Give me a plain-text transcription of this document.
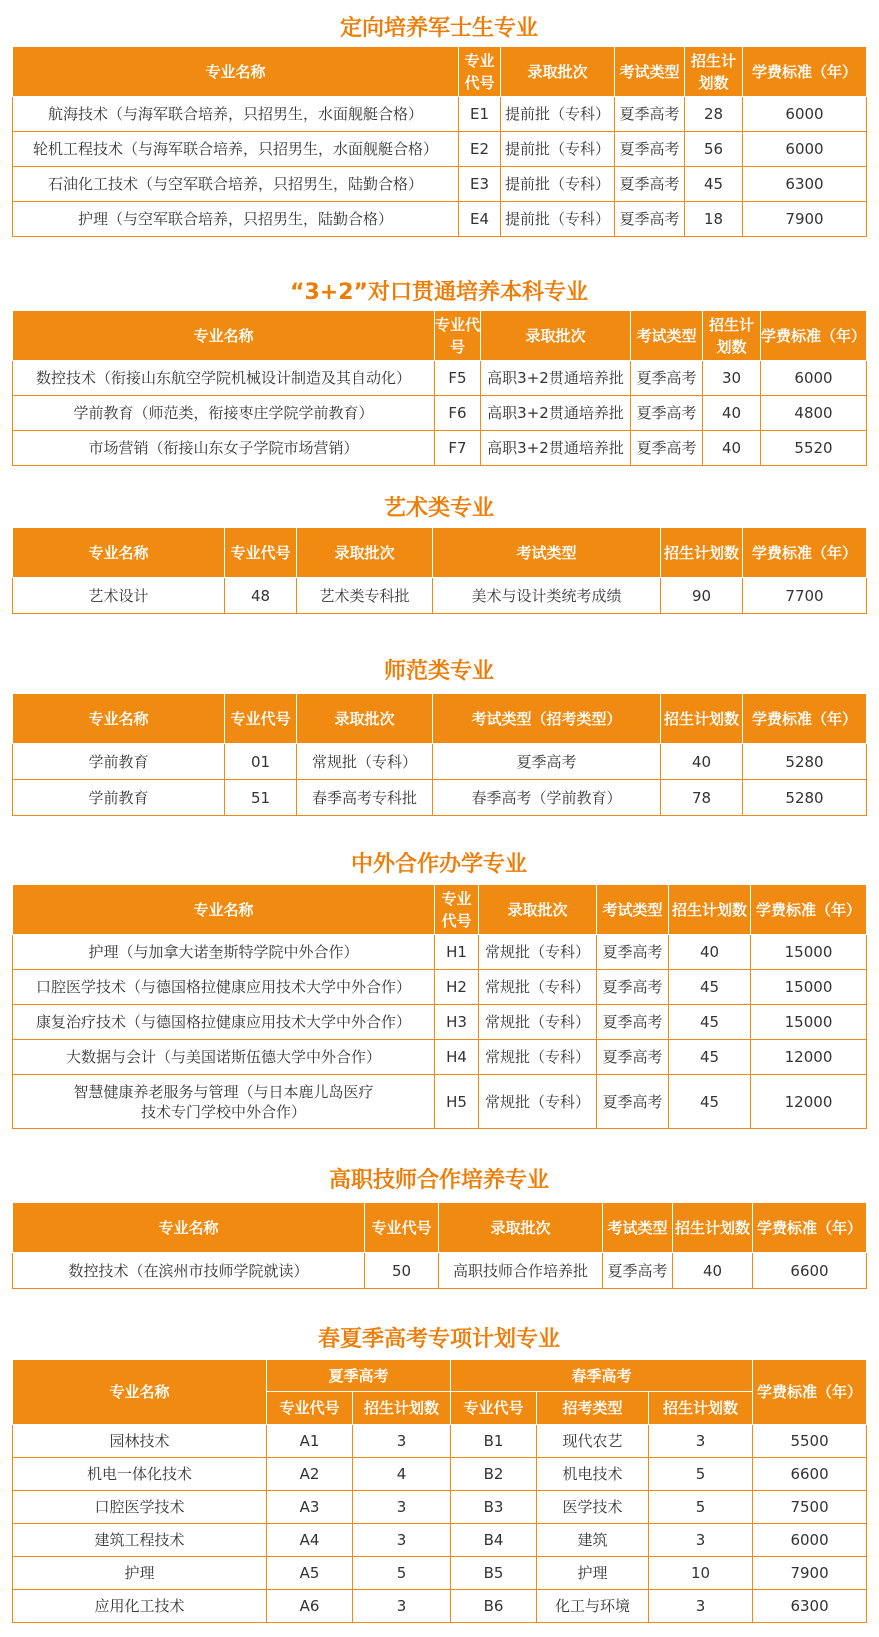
定向培养军士生专业
专业名称	专业代号	录取批次	考试类型	招生计划数	学费标准（年）
航海技术（与海军联合培养，只招男生，水面舰艇合格）	E1	提前批（专科）	夏季高考	28	6000
轮机工程技术（与海军联合培养，只招男生，水面舰艇合格）	E2	提前批（专科）	夏季高考	56	6000
石油化工技术（与空军联合培养，只招男生，陆勤合格）	E3	提前批（专科）	夏季高考	45	6300
护理（与空军联合培养，只招男生，陆勤合格）	E4	提前批（专科）	夏季高考	18	7900
“3+2”对口贯通培养本科专业
专业名称	专业代号	录取批次	考试类型	招生计划数	学费标准（年）
数控技术（衔接山东航空学院机械设计制造及其自动化）	F5	高职3+2贯通培养批	夏季高考	30	6000
学前教育（师范类，衔接枣庄学院学前教育）	F6	高职3+2贯通培养批	夏季高考	40	4800
市场营销（衔接山东女子学院市场营销）	F7	高职3+2贯通培养批	夏季高考	40	5520
艺术类专业
专业名称	专业代号	录取批次	考试类型	招生计划数	学费标准（年）
艺术设计	48	艺术类专科批	美术与设计类统考成绩	90	7700
师范类专业
专业名称	专业代号	录取批次	考试类型（招考类型）	招生计划数	学费标准（年）
学前教育	01	常规批（专科）	夏季高考	40	5280
学前教育	51	春季高考专科批	春季高考（学前教育）	78	5280
中外合作办学专业
专业名称	专业代号	录取批次	考试类型	招生计划数	学费标准（年）
护理（与加拿大诺奎斯特学院中外合作）	H1	常规批（专科）	夏季高考	40	15000
口腔医学技术（与德国格拉健康应用技术大学中外合作）	H2	常规批（专科）	夏季高考	45	15000
康复治疗技术（与德国格拉健康应用技术大学中外合作）	H3	常规批（专科）	夏季高考	45	15000
大数据与会计（与美国诺斯伍德大学中外合作）	H4	常规批（专科）	夏季高考	45	12000
智慧健康养老服务与管理（与日本鹿儿岛医疗技术专门学校中外合作）	H5	常规批（专科）	夏季高考	45	12000
高职技师合作培养专业
专业名称	专业代号	录取批次	考试类型	招生计划数	学费标准（年）
数控技术（在滨州市技师学院就读）	50	高职技师合作培养批	夏季高考	40	6600
春夏季高考专项计划专业
专业名称	夏季高考		春季高考			学费标准（年）
	专业代号	招生计划数	专业代号	招考类型	招生计划数	
园林技术	A1	3	B1	现代农艺	3	5500
机电一体化技术	A2	4	B2	机电技术	5	6600
口腔医学技术	A3	3	B3	医学技术	5	7500
建筑工程技术	A4	3	B4	建筑	3	6000
护理	A5	5	B5	护理	10	7900
应用化工技术	A6	3	B6	化工与环境	3	6300
